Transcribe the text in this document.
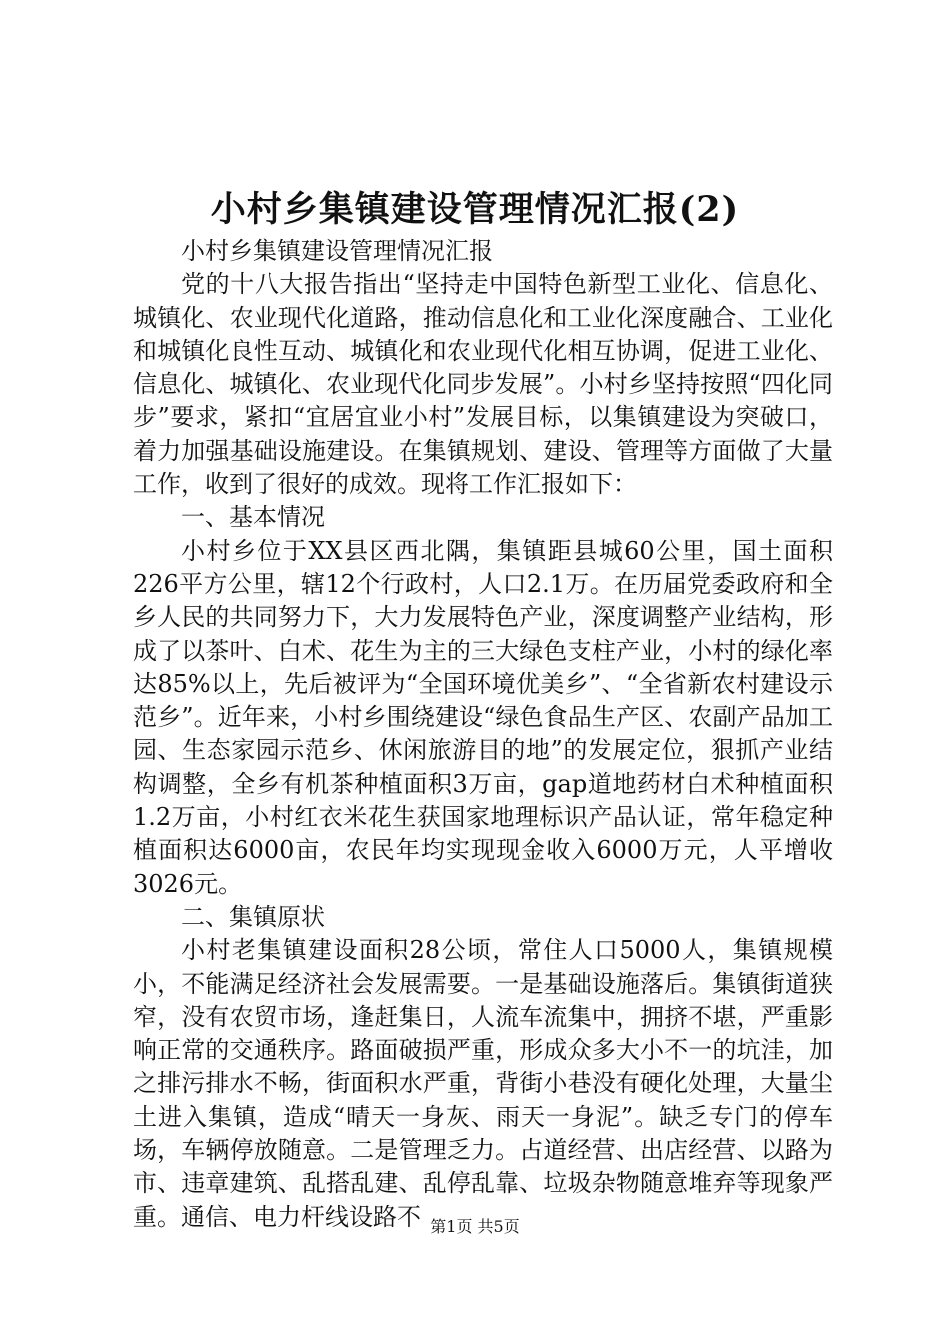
小村乡集镇建设管理情况汇报(2)

小村乡集镇建设管理情况汇报

党的十八大报告指出“坚持走中国特色新型工业化、信息化、城镇化、农业现代化道路，推动信息化和工业化深度融合、工业化和城镇化良性互动、城镇化和农业现代化相互协调，促进工业化、信息化、城镇化、农业现代化同步发展”。小村乡坚持按照“四化同步”要求，紧扣“宜居宜业小村”发展目标，以集镇建设为突破口，着力加强基础设施建设。在集镇规划、建设、管理等方面做了大量工作，收到了很好的成效。现将工作汇报如下：

一、基本情况

小村乡位于XX县区西北隅，集镇距县城60公里，国土面积226平方公里，辖12个行政村，人口2.1万。在历届党委政府和全乡人民的共同努力下，大力发展特色产业，深度调整产业结构，形成了以茶叶、白术、花生为主的三大绿色支柱产业，小村的绿化率达85%以上，先后被评为“全国环境优美乡”、“全省新农村建设示范乡”。近年来，小村乡围绕建设“绿色食品生产区、农副产品加工园、生态家园示范乡、休闲旅游目的地”的发展定位，狠抓产业结构调整，全乡有机茶种植面积3万亩，gap道地药材白术种植面积1.2万亩，小村红衣米花生获国家地理标识产品认证，常年稳定种植面积达6000亩，农民年均实现现金收入6000万元，人平增收3026元。

二、集镇原状

小村老集镇建设面积28公顷，常住人口5000人，集镇规模小，不能满足经济社会发展需要。一是基础设施落后。集镇街道狭窄，没有农贸市场，逢赶集日，人流车流集中，拥挤不堪，严重影响正常的交通秩序。路面破损严重，形成众多大小不一的坑洼，加之排污排水不畅，街面积水严重，背街小巷没有硬化处理，大量尘土进入集镇，造成“晴天一身灰、雨天一身泥”。缺乏专门的停车场，车辆停放随意。二是管理乏力。占道经营、出店经营、以路为市、违章建筑、乱搭乱建、乱停乱靠、垃圾杂物随意堆弃等现象严重。通信、电力杆线设路不 第1页 共5页
